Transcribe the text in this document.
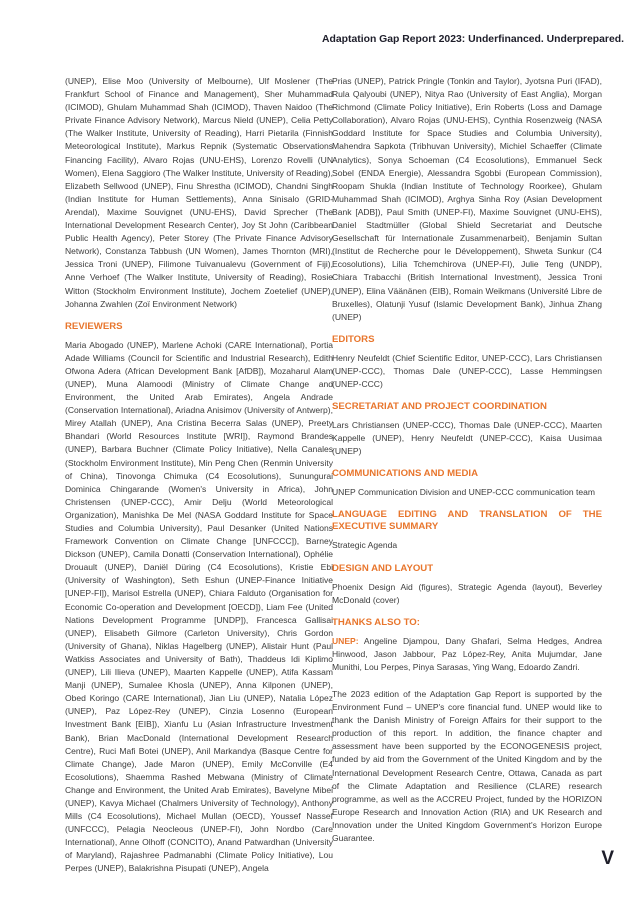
Adaptation Gap Report 2023: Underfinanced. Underprepared.

(UNEP), Elise Moo (University of Melbourne), Ulf Moslener (The Frankfurt School of Finance and Management), Sher Muhammad (ICIMOD), Ghulam Muhammad Shah (ICIMOD), Thaven Naidoo (The Private Finance Advisory Network), Marcus Nield (UNEP), Celia Petty (The Walker Institute, University of Reading), Harri Pietarila (Finnish Meteorological Institute), Markus Repnik (Systematic Observations Financing Facility), Alvaro Rojas (UNU-EHS), Lorenzo Rovelli (UN Women), Elena Saggioro (The Walker Institute, University of Reading), Elizabeth Sellwood (UNEP), Finu Shrestha (ICIMOD), Chandni Singh (Indian Institute for Human Settlements), Anna Sinisalo (GRID-Arendal), Maxime Souvignet (UNU-EHS), David Sprecher (The International Development Research Center), Joy St John (Caribbean Public Health Agency), Peter Storey (The Private Finance Advisory Network), Constanza Tabbush (UN Women), James Thornton (MRI), Jessica Troni (UNEP), Filimone Tuivanualevu (Government of Fiji), Anne Verhoef (The Walker Institute, University of Reading), Rosie Witton (Stockholm Environment Institute), Jochem Zoetelief (UNEP), Johanna Zwahlen (Zoï Environment Network)

REVIEWERS

Maria Abogado (UNEP), Marlene Achoki (CARE International), Portia Adade Williams (Council for Scientific and Industrial Research), Edith Ofwona Adera (African Development Bank [AfDB]), Mozaharul Alam (UNEP), Muna Alamoodi (Ministry of Climate Change and Environment, the United Arab Emirates), Angela Andrade (Conservation International), Ariadna Anisimov (University of Antwerp), Mirey Atallah (UNEP), Ana Cristina Becerra Salas (UNEP), Preety Bhandari (World Resources Institute [WRI]), Raymond Brandes (UNEP), Barbara Buchner (Climate Policy Initiative), Nella Canales (Stockholm Environment Institute), Min Peng Chen (Renmin University of China), Tinovonga Chimuka (C4 Ecosolutions), Sunungurai Dominica Chingarande (Women's University in Africa), John Christensen (UNEP-CCC), Amir Delju (World Meteorological Organization), Manishka De Mel (NASA Goddard Institute for Space Studies and Columbia University), Paul Desanker (United Nations Framework Convention on Climate Change [UNFCCC]), Barney Dickson (UNEP), Camila Donatti (Conservation International), Ophélie Drouault (UNEP), Daniël Düring (C4 Ecosolutions), Kristie Ebi (University of Washington), Seth Eshun (UNEP-Finance Initiative [UNEP-FI]), Marisol Estrella (UNEP), Chiara Falduto (Organisation for Economic Co-operation and Development [OECD]), Liam Fee (United Nations Development Programme [UNDP]), Francesca Gallisai (UNEP), Elisabeth Gilmore (Carleton University), Chris Gordon (University of Ghana), Niklas Hagelberg (UNEP), Alistair Hunt (Paul Watkiss Associates and University of Bath), Thaddeus Idi Kiplimo (UNEP), Lili Ilieva (UNEP), Maarten Kappelle (UNEP), Atifa Kassam Manji (UNEP), Sumalee Khosla (UNEP), Anna Kilponen (UNEP), Obed Koringo (CARE International), Jian Liu (UNEP), Natalia López (UNEP), Paz López-Rey (UNEP), Cinzia Losenno (European Investment Bank [EIB]), Xianfu Lu (Asian Infrastructure Investment Bank), Brian MacDonald (International Development Research Centre), Ruci Mafi Botei (UNEP), Anil Markandya (Basque Centre for Climate Change), Jade Maron (UNEP), Emily McConville (E4 Ecosolutions), Shaemma Rashed Mebwana (Ministry of Climate Change and Environment, the United Arab Emirates), Bavelyne Mibei (UNEP), Kavya Michael (Chalmers University of Technology), Anthony Mills (C4 Ecosolutions), Michael Mullan (OECD), Youssef Nassef (UNFCCC), Pelagia Neocleous (UNEP-FI), John Nordbo (Care International), Anne Olhoff (CONCITO), Anand Patwardhan (University of Maryland), Rajashree Padmanabhi (Climate Policy Initiative), Lou Perpes (UNEP), Balakrishna Pisupati (UNEP), Angela

Prias (UNEP), Patrick Pringle (Tonkin and Taylor), Jyotsna Puri (IFAD), Rula Qalyoubi (UNEP), Nitya Rao (University of East Anglia), Morgan Richmond (Climate Policy Initiative), Erin Roberts (Loss and Damage Collaboration), Alvaro Rojas (UNU-EHS), Cynthia Rosenzweig (NASA Goddard Institute for Space Studies and Columbia University), Mahendra Sapkota (Tribhuvan University), Michiel Schaeffer (Climate Analytics), Sonya Schoeman (C4 Ecosolutions), Emmanuel Seck Sobel (ENDA Energie), Alessandra Sgobbi (European Commission), Roopam Shukla (Indian Institute of Technology Roorkee), Ghulam Muhammad Shah (ICIMOD), Arghya Sinha Roy (Asian Development Bank [ADB]), Paul Smith (UNEP-FI), Maxime Souvignet (UNU-EHS), Daniel Stadtmüller (Global Shield Secretariat and Deutsche Gesellschaft für Internationale Zusammenarbeit), Benjamin Sultan (Institut de Recherche pour le Développement), Shweta Sunkur (C4 Ecosolutions), Lilia Tchemchirova (UNEP-FI), Julie Teng (UNDP), Chiara Trabacchi (British International Investment), Jessica Troni (UNEP), Elina Väänänen (EIB), Romain Weikmans (Université Libre de Bruxelles), Olatunji Yusuf (Islamic Development Bank), Jinhua Zhang (UNEP)

EDITORS

Henry Neufeldt (Chief Scientific Editor, UNEP-CCC), Lars Christiansen (UNEP-CCC), Thomas Dale (UNEP-CCC), Lasse Hemmingsen (UNEP-CCC)

SECRETARIAT AND PROJECT COORDINATION

Lars Christiansen (UNEP-CCC), Thomas Dale (UNEP-CCC), Maarten Kappelle (UNEP), Henry Neufeldt (UNEP-CCC), Kaisa Uusimaa (UNEP)

COMMUNICATIONS AND MEDIA

UNEP Communication Division and UNEP-CCC communication team

LANGUAGE EDITING AND TRANSLATION OF THE EXECUTIVE SUMMARY

Strategic Agenda

DESIGN AND LAYOUT

Phoenix Design Aid (figures), Strategic Agenda (layout), Beverley McDonald (cover)

THANKS ALSO TO:

UNEP: Angeline Djampou, Dany Ghafari, Selma Hedges, Andrea Hinwood, Jason Jabbour, Paz López-Rey, Anita Mujumdar, Jane Munithi, Lou Perpes, Pinya Sarasas, Ying Wang, Edoardo Zandri.

The 2023 edition of the Adaptation Gap Report is supported by the Environment Fund – UNEP's core financial fund. UNEP would like to thank the Danish Ministry of Foreign Affairs for their support to the production of this report. In addition, the finance chapter and assessment have been supported by the ECONOGENESIS project, funded by aid from the Government of the United Kingdom and by the International Development Research Centre, Ottawa, Canada as part of the Climate Adaptation and Resilience (CLARE) research programme, as well as the ACCREU Project, funded by the HORIZON Europe Research and Innovation Action (RIA) and UK Research and Innovation under the United Kingdom Government's Horizon Europe Guarantee.

V
